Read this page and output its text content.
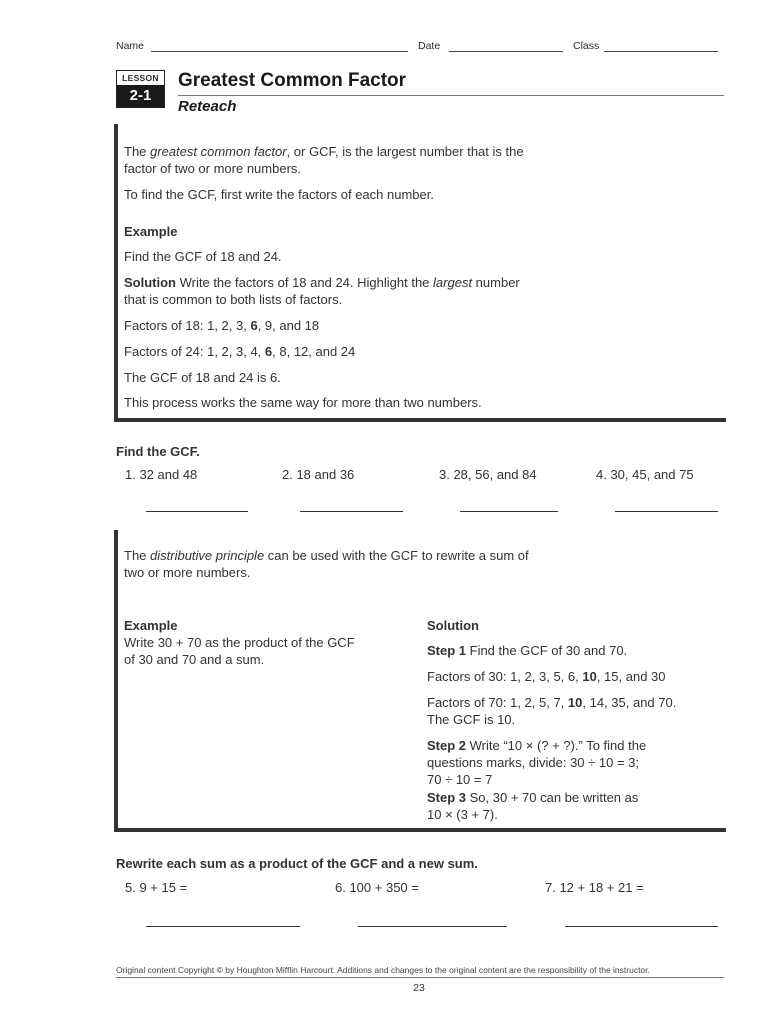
Name	Date	Class
LESSON
2-1
Greatest Common Factor
Reteach

The greatest common factor, or GCF, is the largest number that is the

factor of two or more numbers.

To find the GCF, first write the factors of each number.

Example

Find the GCF of 18 and 24.

Solution Write the factors of 18 and 24. Highlight the largest number

that is common to both lists of factors.

Factors of 18: 1, 2, 3, 6, 9, and 18

Factors of 24: 1, 2, 3, 4, 6, 8, 12, and 24

The GCF of 18 and 24 is 6.

This process works the same way for more than two numbers.

Find the GCF.

1. 32 and 48	2. 18 and 36	3. 28, 56, and 84	4. 30, 45, and 75

The distributive principle can be used with the GCF to rewrite a sum of

two or more numbers.

Example

Write 30 + 70 as the product of the GCF

of 30 and 70 and a sum.

Solution

Step 1 Find the GCF of 30 and 70.

Factors of 30: 1, 2, 3, 5, 6, 10, 15, and 30

Factors of 70: 1, 2, 5, 7, 10, 14, 35, and 70.

The GCF is 10.

Step 2 Write “10 × (? + ?).” To find the

questions marks, divide: 30 ÷ 10 = 3;

70 ÷ 10 = 7

Step 3 So, 30 + 70 can be written as

10 × (3 + 7).

Rewrite each sum as a product of the GCF and a new sum.

5. 9 + 15 =	6. 100 + 350 =	7. 12 + 18 + 21 =

Original content Copyright © by Houghton Mifflin Harcourt. Additions and changes to the original content are the responsibility of the instructor.
23
